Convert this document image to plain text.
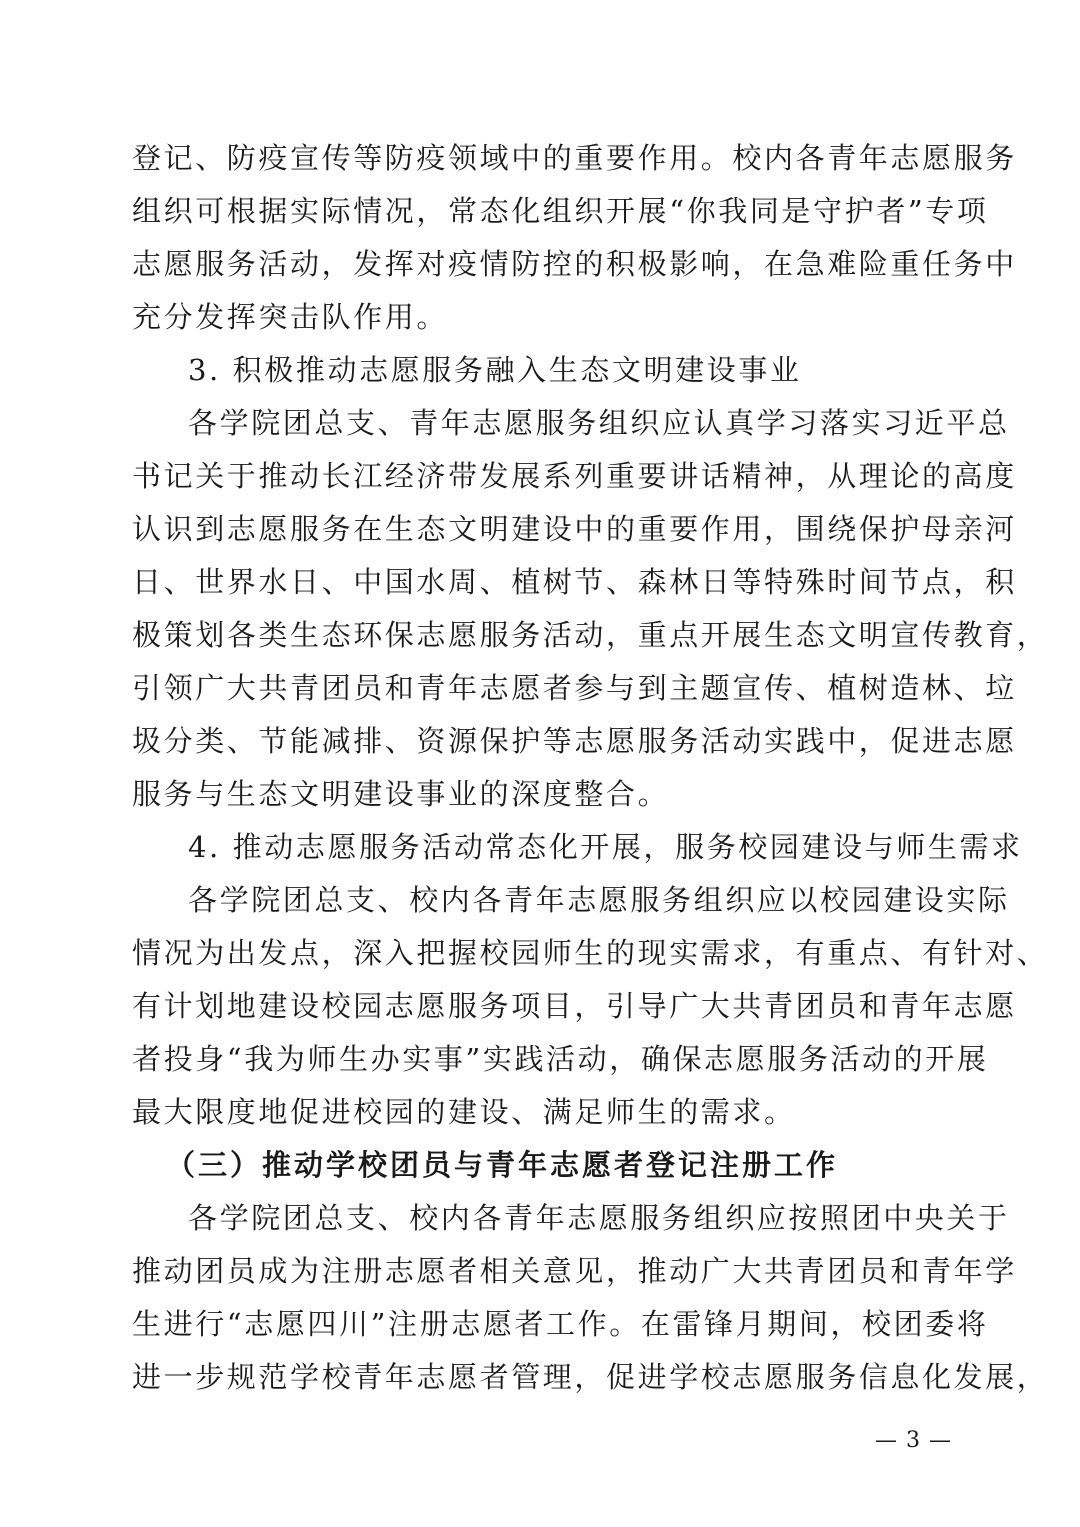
登记、防疫宣传等防疫领域中的重要作用。校内各青年志愿服务
组织可根据实际情况，常态化组织开展“你我同是守护者”专项
志愿服务活动，发挥对疫情防控的积极影响，在急难险重任务中
充分发挥突击队作用。
3. 积极推动志愿服务融入生态文明建设事业
各学院团总支、青年志愿服务组织应认真学习落实习近平总
书记关于推动长江经济带发展系列重要讲话精神，从理论的高度
认识到志愿服务在生态文明建设中的重要作用，围绕保护母亲河
日、世界水日、中国水周、植树节、森林日等特殊时间节点，积
极策划各类生态环保志愿服务活动，重点开展生态文明宣传教育，
引领广大共青团员和青年志愿者参与到主题宣传、植树造林、垃
圾分类、节能减排、资源保护等志愿服务活动实践中，促进志愿
服务与生态文明建设事业的深度整合。
4. 推动志愿服务活动常态化开展，服务校园建设与师生需求
各学院团总支、校内各青年志愿服务组织应以校园建设实际
情况为出发点，深入把握校园师生的现实需求，有重点、有针对、
有计划地建设校园志愿服务项目，引导广大共青团员和青年志愿
者投身“我为师生办实事”实践活动，确保志愿服务活动的开展
最大限度地促进校园的建设、满足师生的需求。
（三）推动学校团员与青年志愿者登记注册工作
各学院团总支、校内各青年志愿服务组织应按照团中央关于
推动团员成为注册志愿者相关意见，推动广大共青团员和青年学
生进行“志愿四川”注册志愿者工作。在雷锋月期间，校团委将
进一步规范学校青年志愿者管理，促进学校志愿服务信息化发展，
— 3 —
